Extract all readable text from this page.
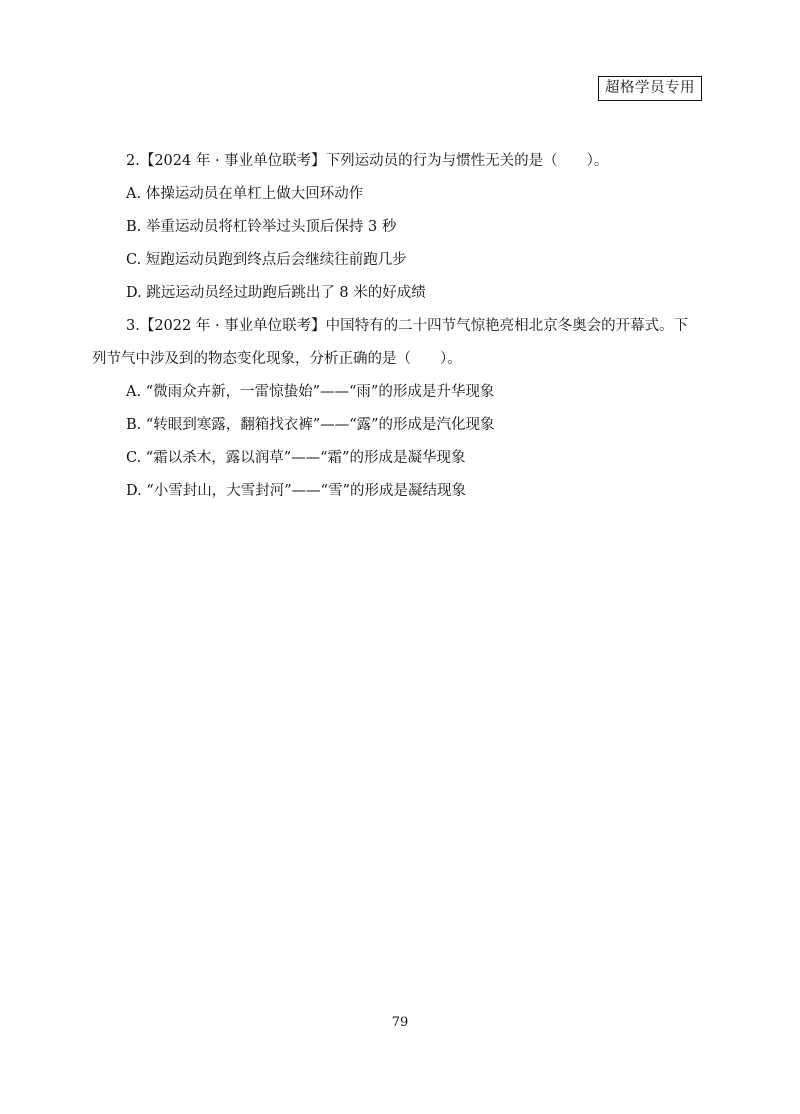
超格学员专用
2.【2024 年 · 事业单位联考】下列运动员的行为与惯性无关的是（　　）。
A. 体操运动员在单杠上做大回环动作
B. 举重运动员将杠铃举过头顶后保持 3 秒
C. 短跑运动员跑到终点后会继续往前跑几步
D. 跳远运动员经过助跑后跳出了 8 米的好成绩
3.【2022 年 · 事业单位联考】中国特有的二十四节气惊艳亮相北京冬奥会的开幕式。下列节气中涉及到的物态变化现象，分析正确的是（　　）。
A. “微雨众卉新，一雷惊蛰始”——“雨”的形成是升华现象
B. “转眼到寒露，翻箱找衣裤”——“露”的形成是汽化现象
C. “霜以杀木，露以润草”——“霜”的形成是凝华现象
D. “小雪封山，大雪封河”——“雪”的形成是凝结现象
79
